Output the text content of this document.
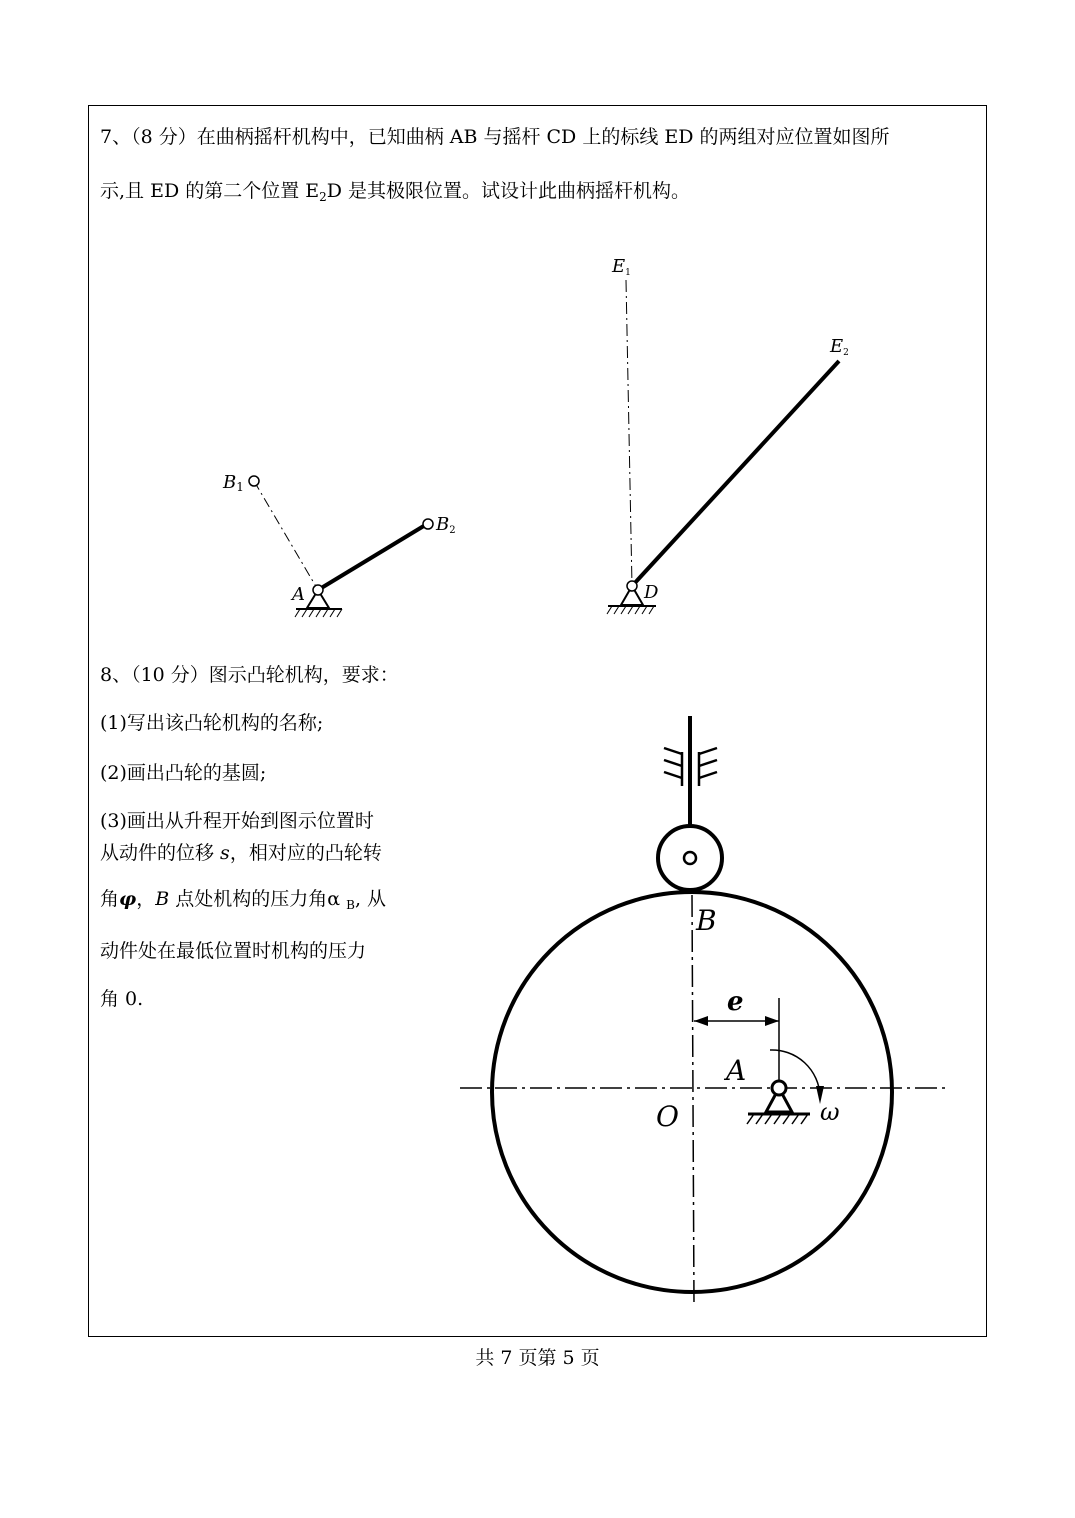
7、（8 分）在曲柄摇杆机构中，已知曲柄 AB 与摇杆 CD 上的标线 ED 的两组对应位置如图所
示,且 ED 的第二个位置 $E_2D$ 是其极限位置。试设计此曲柄摇杆机构。
8、（10 分）图示凸轮机构，要求：
(1)写出该凸轮机构的名称;
(2)画出凸轮的基圆;
(3)画出从升程开始到图示位置时
从动件的位移 s，相对应的凸轮转
角φ，B 点处机构的压力角α $_B$, 从
动件处在最低位置时机构的压力
角 0.
B1
B2
A	D
E1
E2
B
e
A
O	ω
共 7 页第 5 页
